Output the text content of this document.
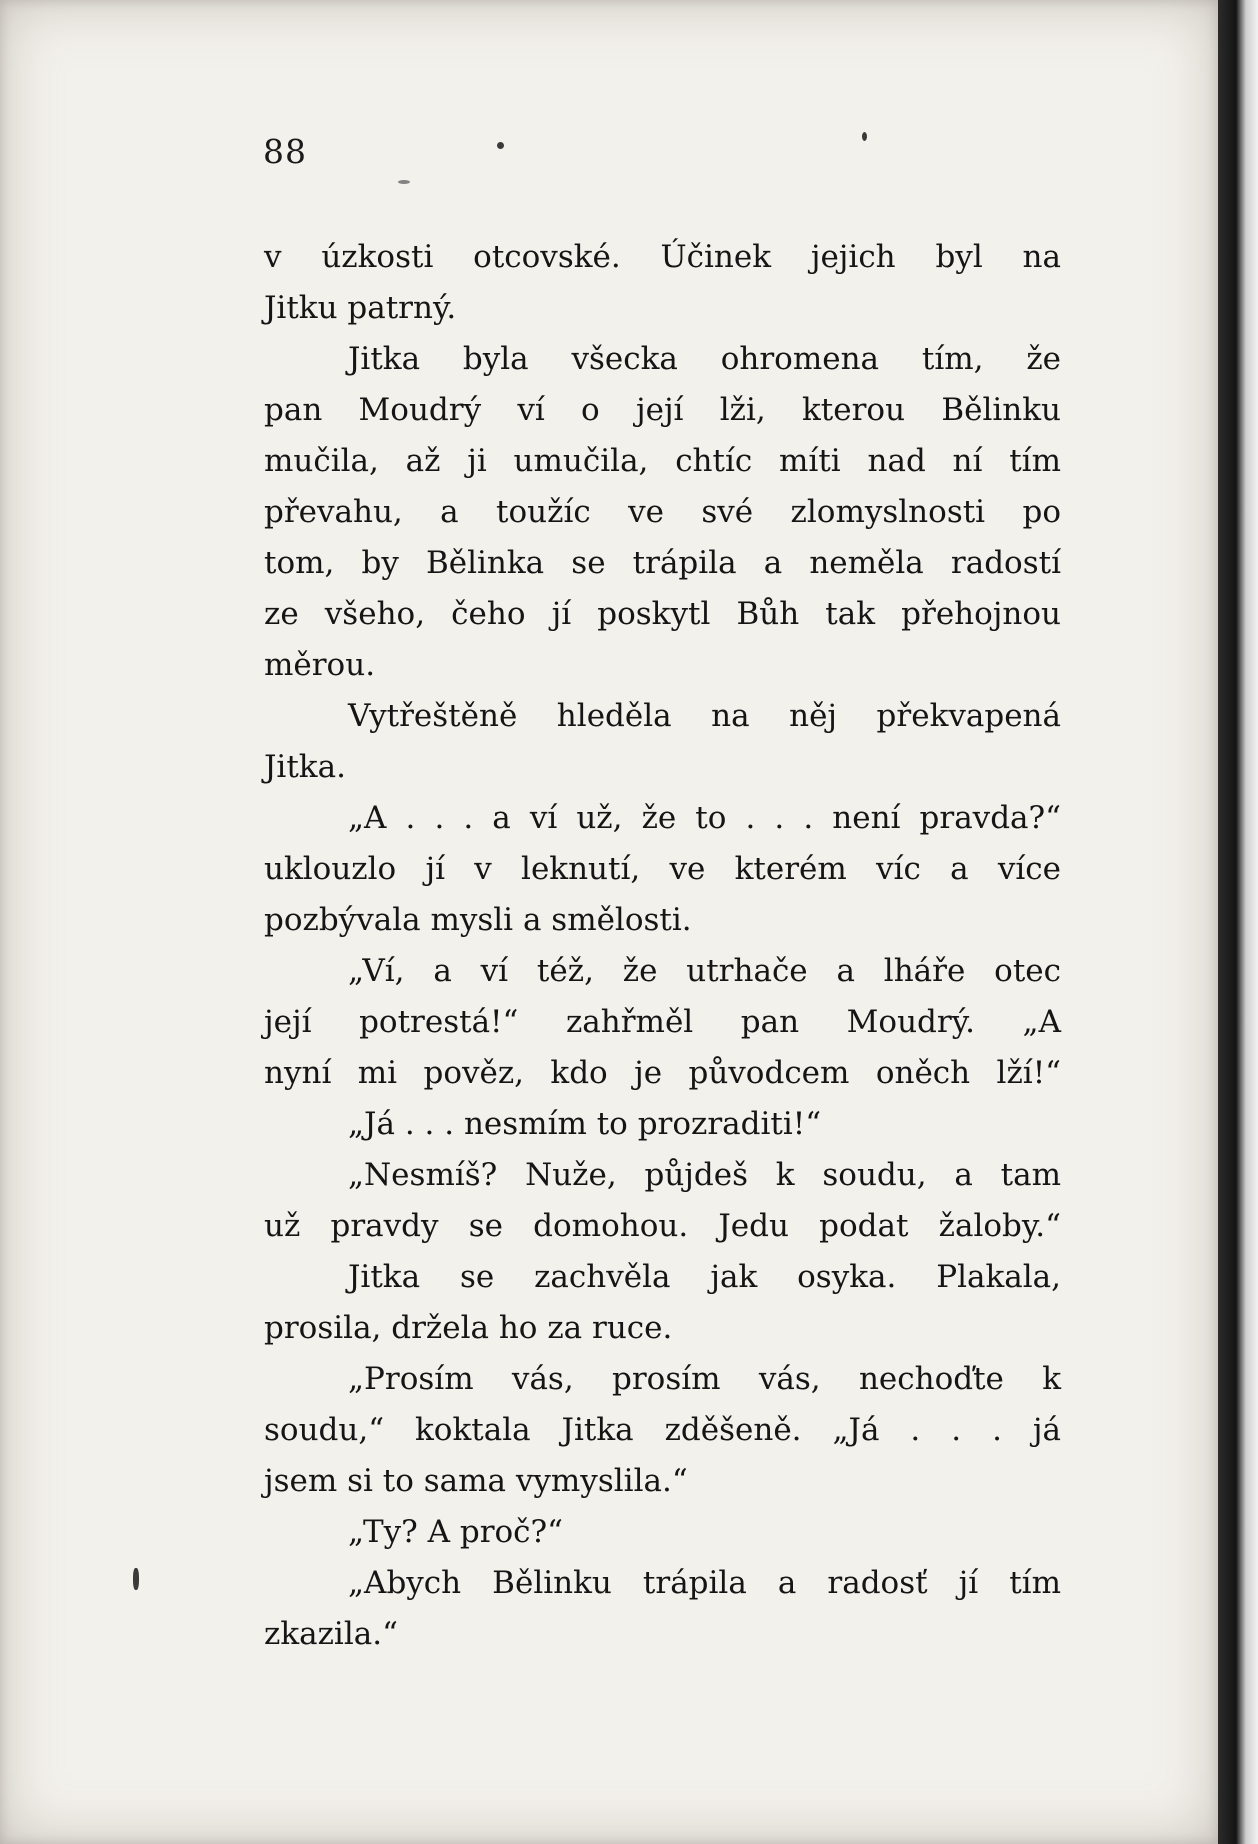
88

v úzkosti otcovské. Účinek jejich byl na
Jitku patrný.
Jitka byla všecka ohromena tím, že
pan Moudrý ví o její lži, kterou Bělinku
mučila, až ji umučila, chtíc míti nad ní tím
převahu, a toužíc ve své zlomyslnosti po
tom, by Bělinka se trápila a neměla radostí
ze všeho, čeho jí poskytl Bůh tak přehojnou
měrou.
Vytřeštěně hleděla na něj překvapená
Jitka.
„A . . . a ví už, že to . . . není pravda?“
uklouzlo jí v leknutí, ve kterém víc a více
pozbývala mysli a smělosti.
„Ví, a ví též, že utrhače a lháře otec
její potrestá!“ zahřměl pan Moudrý. „A
nyní mi pověz, kdo je původcem oněch lží!“
„Já . . . nesmím to prozraditi!“
„Nesmíš? Nuže, půjdeš k soudu, a tam
už pravdy se domohou. Jedu podat žaloby.“
Jitka se zachvěla jak osyka. Plakala,
prosila, držela ho za ruce.
„Prosím vás, prosím vás, nechoďte k
soudu,“ koktala Jitka zděšeně. „Já . . . já
jsem si to sama vymyslila.“
„Ty? A proč?“
„Abych Bělinku trápila a radosť jí tím
zkazila.“
